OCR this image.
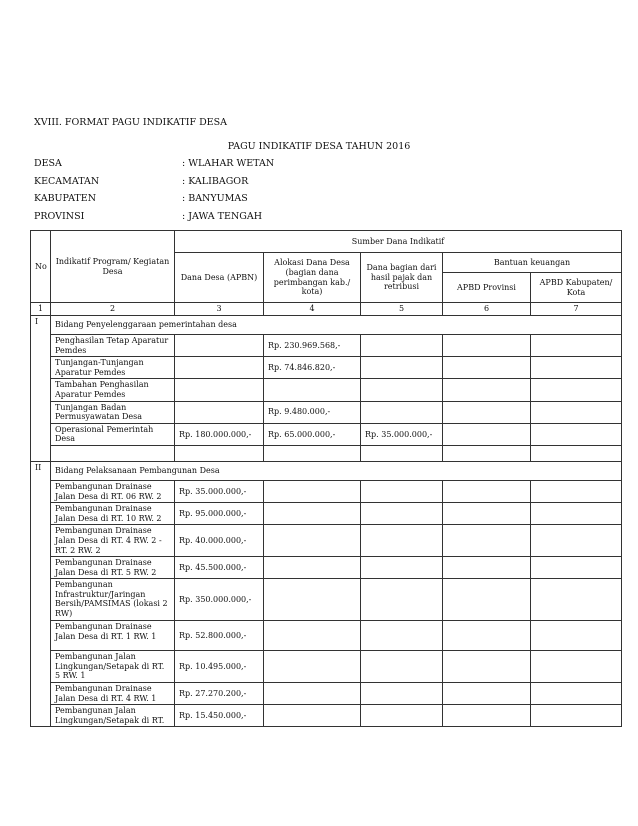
XVIII. FORMAT PAGU INDIKATIF DESA
PAGU INDIKATIF DESA TAHUN 2016
DESA	: WLAHAR WETAN
KECAMATAN	: KALIBAGOR
KABUPATEN	: BANYUMAS
PROVINSI	: JAWA TENGAH
No	Indikatif Program/ Kegiatan Desa	Sumber Dana Indikatif				
		Dana Desa (APBN)	Alokasi Dana Desa (bagian dana perimbangan kab./ kota)	Dana bagian dari hasil pajak dan retribusi	Bantuan keuangan	
					APBD Provinsi	APBD Kabupaten/ Kota
1	2	3	4	5	6	7
I	Bidang Penyelenggaraan pemerintahan desa					
	Penghasilan Tetap Aparatur Pemdes		Rp. 230.969.568,-			
	Tunjangan-Tunjangan Aparatur Pemdes		Rp. 74.846.820,-			
	Tambahan Penghasilan Aparatur Pemdes					
	Tunjangan Badan Permusyawatan Desa		Rp. 9.480.000,-			
	Operasional Pemerintah Desa	Rp. 180.000.000,-	Rp. 65.000.000,-	Rp. 35.000.000,-		

II	Bidang Pelaksanaan Pembangunan Desa					
	Pembangunan Drainase Jalan Desa di RT. 06 RW. 2	Rp. 35.000.000,-				
	Pembangunan Drainase Jalan Desa di RT. 10 RW. 2	Rp. 95.000.000,-				
	Pembangunan Drainase Jalan Desa di RT. 4 RW. 2 - RT. 2 RW. 2	Rp. 40.000.000,-				
	Pembangunan Drainase Jalan Desa di RT. 5 RW. 2	Rp. 45.500.000,-				
	Pembangunan Infrastruktur/Jaringan Bersih/PAMSIMAS (lokasi 2 RW)	Rp. 350.000.000,-				
	Pembangunan Drainase Jalan Desa di RT. 1 RW. 1	Rp. 52.800.000,-				
	Pembangunan Jalan Lingkungan/Setapak di RT. 5 RW. 1	Rp. 10.495.000,-				
	Pembangunan Drainase Jalan Desa di RT. 4 RW. 1	Rp. 27.270.200,-				
	Pembangunan Jalan Lingkungan/Setapak di RT.	Rp. 15.450.000,-				
